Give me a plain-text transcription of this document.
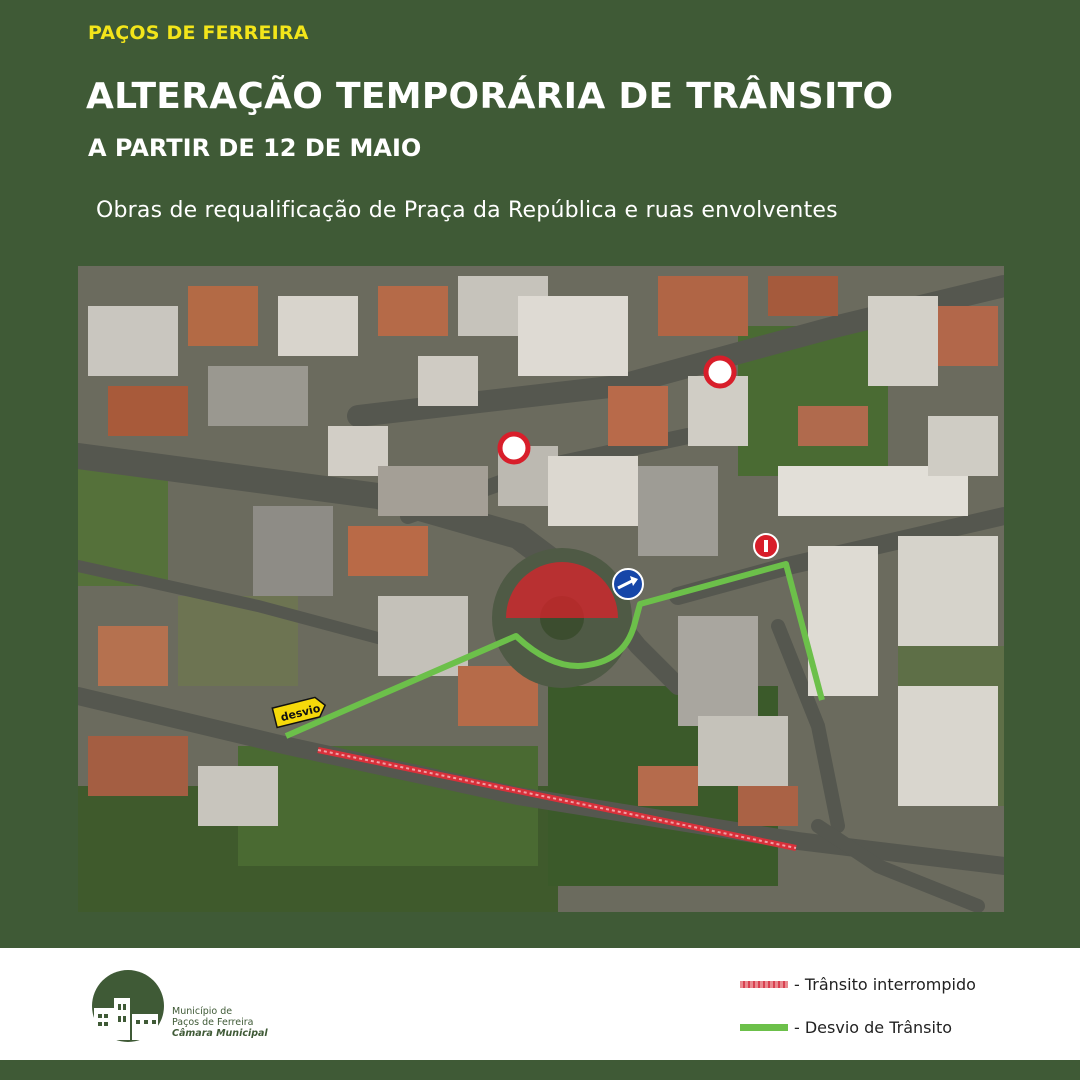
PAÇOS DE FERREIRA
ALTERAÇÃO TEMPORÁRIA DE TRÂNSITO
A PARTIR DE 12 DE MAIO
Obras de requalificação de Praça da República e ruas envolventes
desvio
Município de
Paços de Ferreira
Câmara Municipal
- Trânsito interrompido
- Desvio de Trânsito
